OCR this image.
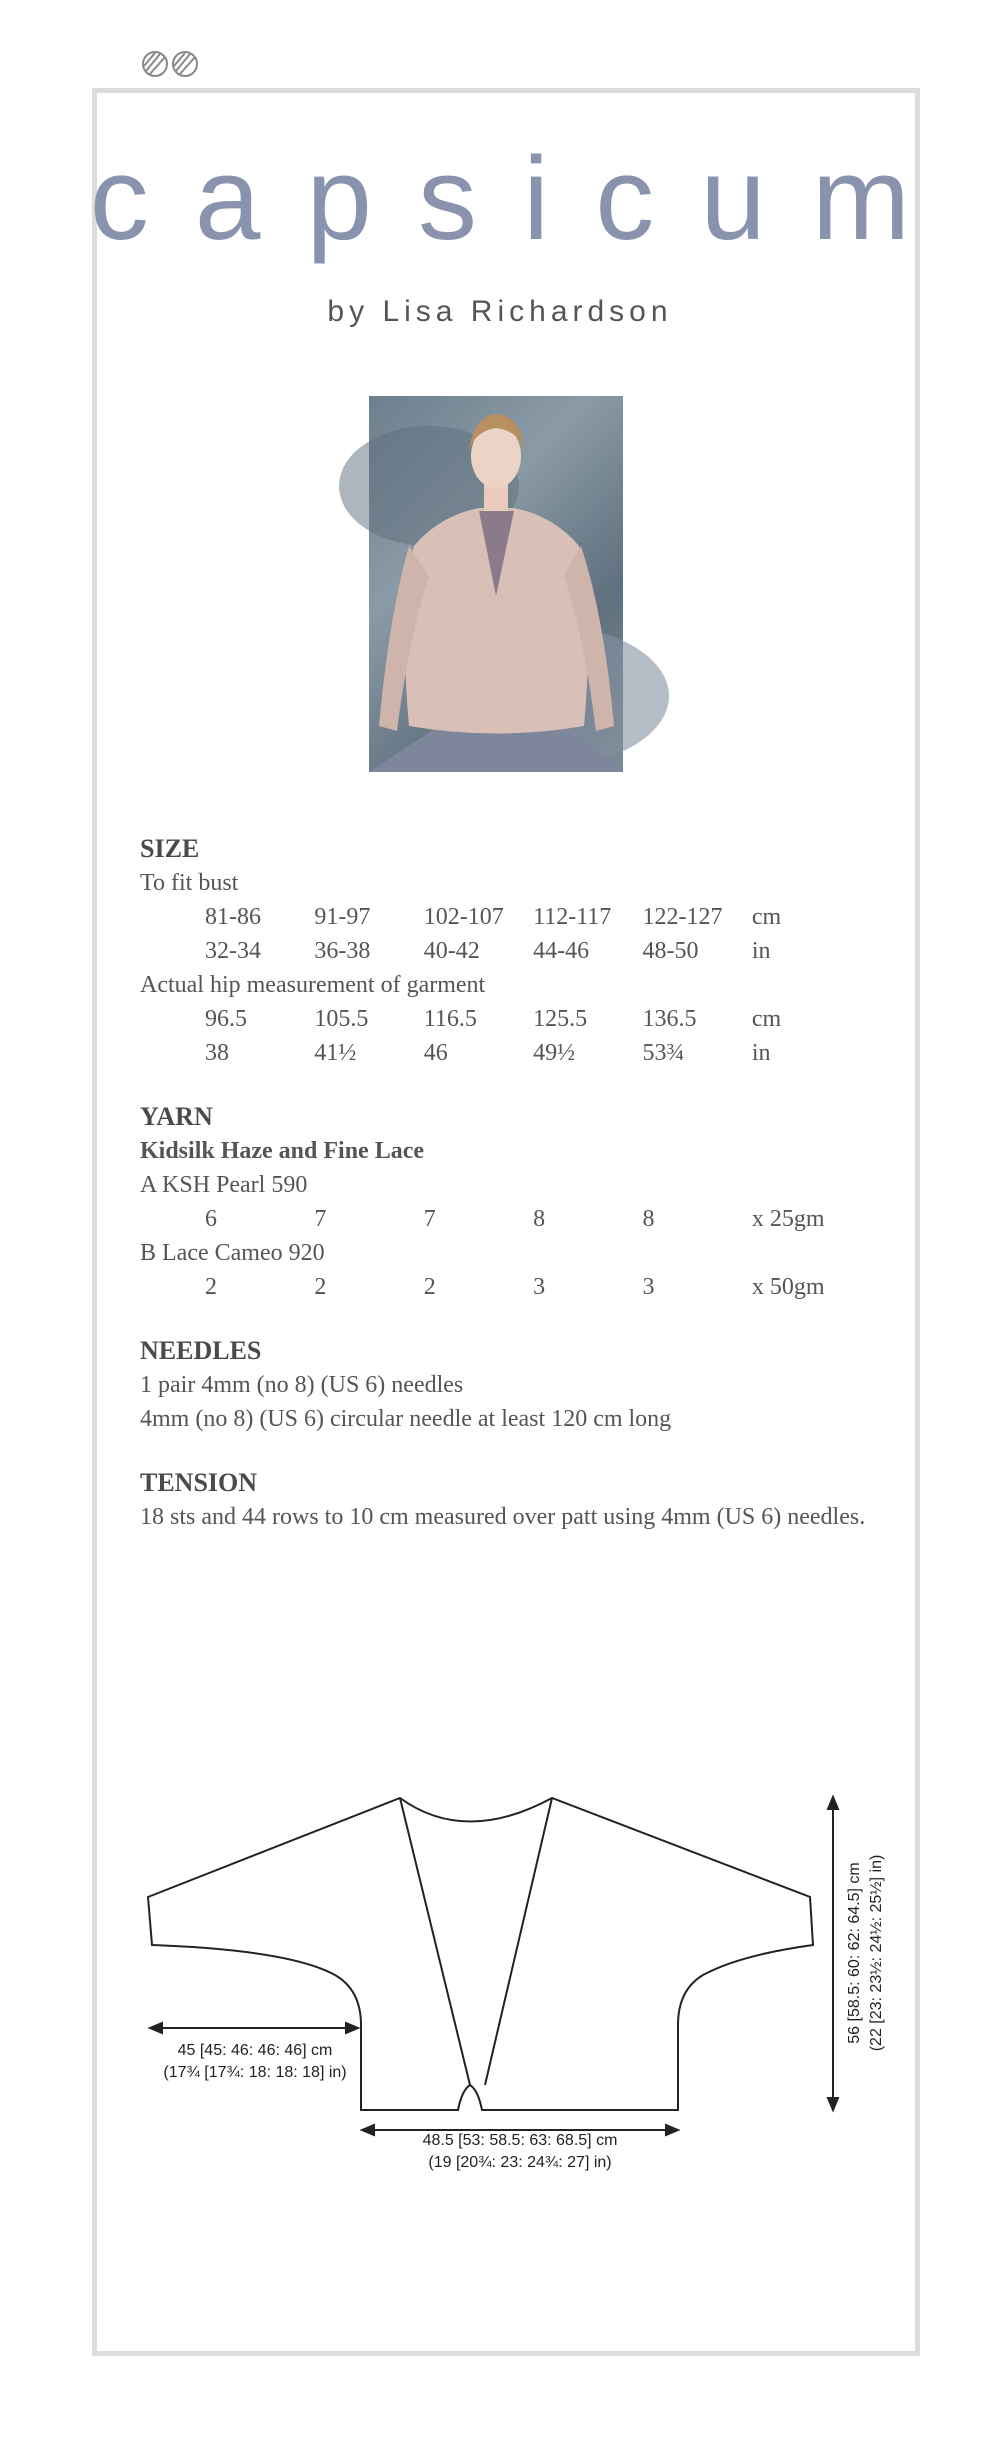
capsicum
by Lisa Richardson
SIZE
To fit bust
81-86	91-97	102-107	112-117	122-127	cm
32-34	36-38	40-42	44-46	48-50	in
Actual hip measurement of garment
96.5	105.5	116.5	125.5	136.5	cm
38	41½	46	49½	53¾	in
YARN
Kidsilk Haze and Fine Lace
A KSH Pearl 590
6	7	7	8	8	x 25gm
B Lace Cameo 920
2	2	2	3	3	x 50gm
NEEDLES
1 pair 4mm (no 8) (US 6) needles
4mm (no 8) (US 6) circular needle at least 120 cm long
TENSION
18 sts and 44 rows to 10 cm measured over patt using 4mm (US 6) needles.
45 [45: 46: 46: 46] cm
(17¾ [17¾: 18: 18: 18] in)
48.5 [53: 58.5: 63: 68.5] cm
(19 [20¾: 23: 24¾: 27] in)
56 [58.5: 60: 62: 64.5] cm (22 [23: 23½: 24½: 25½] in)
